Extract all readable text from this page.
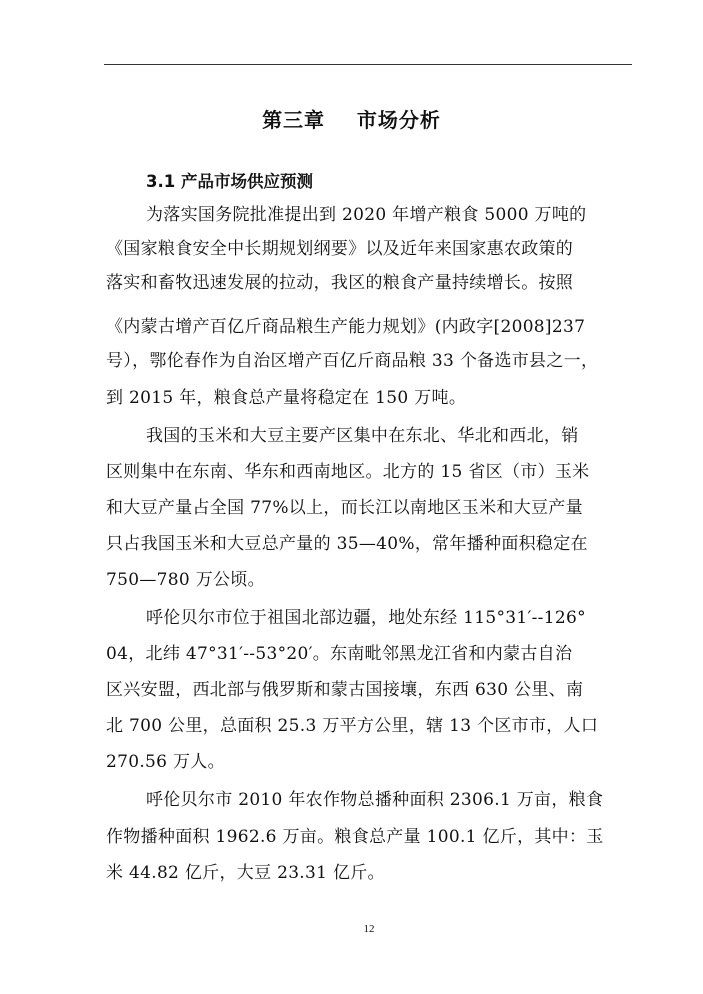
第三章    市场分析
3.1 产品市场供应预测
为落实国务院批准提出到 2020 年增产粮食 5000 万吨的
《国家粮食安全中长期规划纲要》以及近年来国家惠农政策的
落实和畜牧迅速发展的拉动，我区的粮食产量持续增长。按照
《内蒙古增产百亿斤商品粮生产能力规划》(内政字[2008]237
号），鄂伦春作为自治区增产百亿斤商品粮 33 个备选市县之一，
到 2015 年，粮食总产量将稳定在 150 万吨。
我国的玉米和大豆主要产区集中在东北、华北和西北，销
区则集中在东南、华东和西南地区。北方的 15 省区（市）玉米
和大豆产量占全国 77%以上，而长江以南地区玉米和大豆产量
只占我国玉米和大豆总产量的 35—40%，常年播种面积稳定在
750—780 万公顷。
呼伦贝尔市位于祖国北部边疆，地处东经 115°31′--126°
04，北纬 47°31′--53°20′。东南毗邻黑龙江省和内蒙古自治
区兴安盟，西北部与俄罗斯和蒙古国接壤，东西 630 公里、南
北 700 公里，总面积 25.3 万平方公里，辖 13 个区市市，人口
270.56 万人。
呼伦贝尔市 2010 年农作物总播种面积 2306.1 万亩，粮食
作物播种面积 1962.6 万亩。粮食总产量 100.1 亿斤，其中：玉
米 44.82 亿斤，大豆 23.31 亿斤。
12
